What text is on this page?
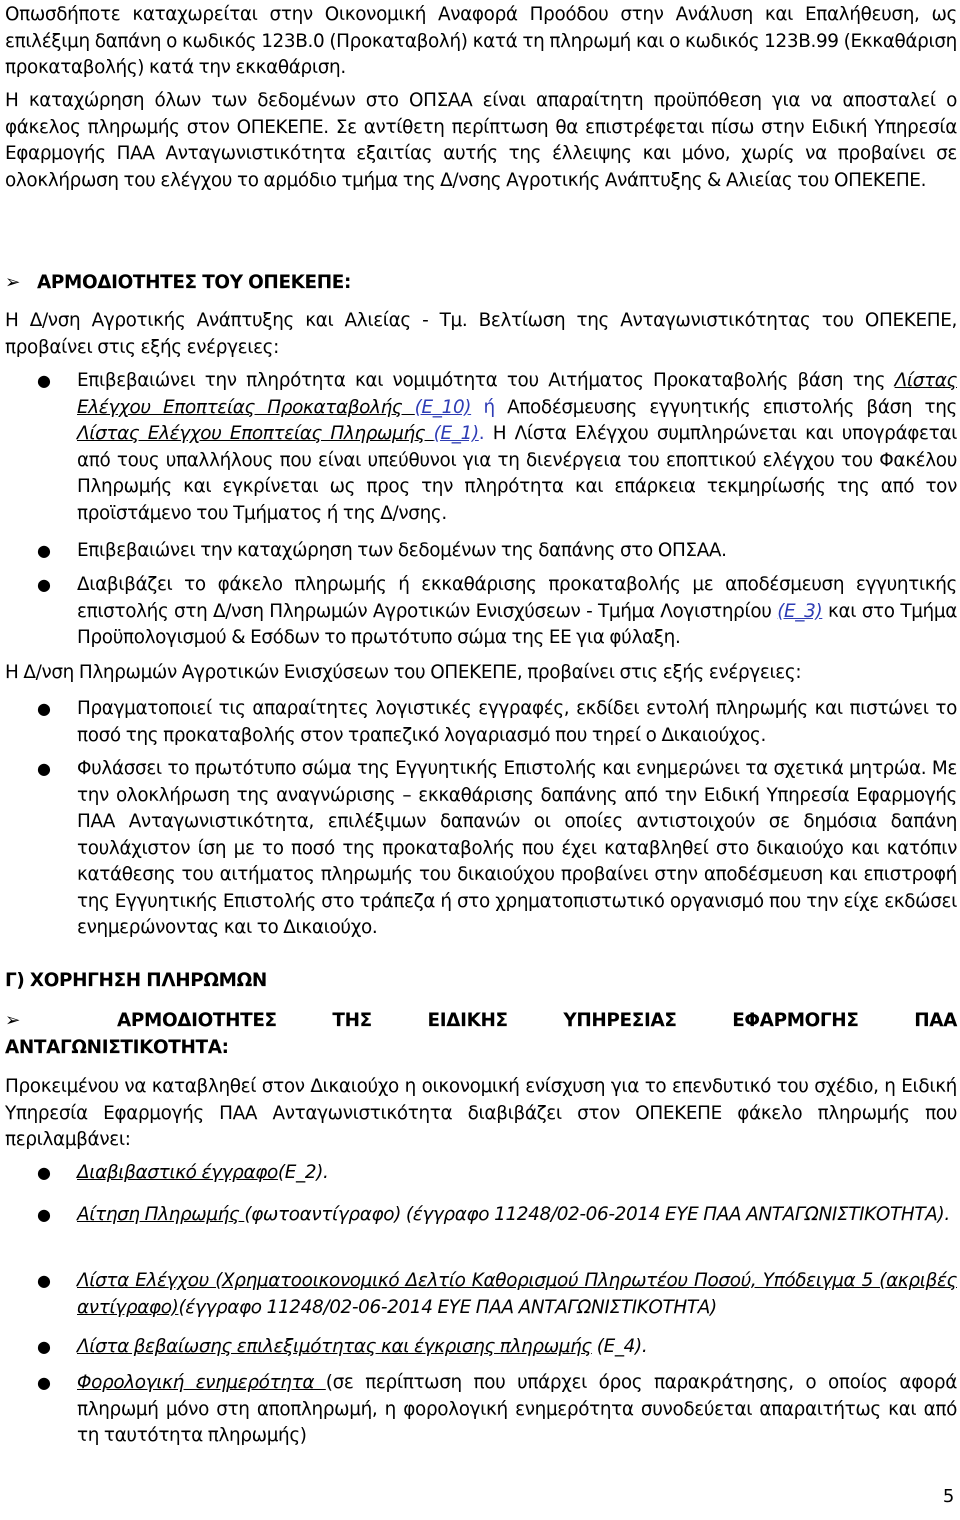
Οπωσδήποτε καταχωρείται στην Οικονομική Αναφορά Προόδου στην Ανάλυση και Επαλήθευση, ως επιλέξιμη δαπάνη ο κωδικός 123Β.0 (Προκαταβολή) κατά τη πληρωμή και ο κωδικός 123Β.99 (Εκκαθάριση προκαταβολής) κατά την εκκαθάριση.

Η καταχώρηση όλων των δεδομένων στο ΟΠΣΑΑ είναι απαραίτητη προϋπόθεση για να αποσταλεί ο φάκελος πληρωμής στον ΟΠΕΚΕΠΕ. Σε αντίθετη περίπτωση θα επιστρέφεται πίσω στην Ειδική Υπηρεσία Εφαρμογής ΠΑΑ Ανταγωνιστικότητα εξαιτίας αυτής της έλλειψης και μόνο, χωρίς να προβαίνει σε ολοκλήρωση του ελέγχου το αρμόδιο τμήμα της Δ/νσης Αγροτικής Ανάπτυξης & Αλιείας του ΟΠΕΚΕΠΕ.

➢ ΑΡΜΟΔΙΟΤΗΤΕΣ ΤΟΥ ΟΠΕΚΕΠΕ:

Η Δ/νση Αγροτικής Ανάπτυξης και Αλιείας - Τμ. Βελτίωση της Ανταγωνιστικότητας του ΟΠΕΚΕΠΕ, προβαίνει στις εξής ενέργειες:

● Επιβεβαιώνει την πληρότητα και νομιμότητα του Αιτήματος Προκαταβολής βάση της Λίστας Ελέγχου Εποπτείας Προκαταβολής (Ε_10) ή Αποδέσμευσης εγγυητικής επιστολής βάση της Λίστας Ελέγχου Εποπτείας Πληρωμής (Ε_1). Η Λίστα Ελέγχου συμπληρώνεται και υπογράφεται από τους υπαλλήλους που είναι υπεύθυνοι για τη διενέργεια του εποπτικού ελέγχου του Φακέλου Πληρωμής και εγκρίνεται ως προς την πληρότητα και επάρκεια τεκμηρίωσής της από τον προϊστάμενο του Τμήματος ή της Δ/νσης.
● Επιβεβαιώνει την καταχώρηση των δεδομένων της δαπάνης στο ΟΠΣΑΑ.
● Διαβιβάζει το φάκελο πληρωμής ή εκκαθάρισης προκαταβολής με αποδέσμευση εγγυητικής επιστολής στη Δ/νση Πληρωμών Αγροτικών Ενισχύσεων - Τμήμα Λογιστηρίου (Ε_3) και στο Τμήμα Προϋπολογισμού & Εσόδων το πρωτότυπο σώμα της ΕΕ για φύλαξη.

Η Δ/νση Πληρωμών Αγροτικών Ενισχύσεων του ΟΠΕΚΕΠΕ, προβαίνει στις εξής ενέργειες:

● Πραγματοποιεί τις απαραίτητες λογιστικές εγγραφές, εκδίδει εντολή πληρωμής και πιστώνει το ποσό της προκαταβολής στον τραπεζικό λογαριασμό που τηρεί ο Δικαιούχος.
● Φυλάσσει το πρωτότυπο σώμα της Εγγυητικής Επιστολής και ενημερώνει τα σχετικά μητρώα. Με την ολοκλήρωση της αναγνώρισης – εκκαθάρισης δαπάνης από την Ειδική Υπηρεσία Εφαρμογής ΠΑΑ Ανταγωνιστικότητα, επιλέξιμων δαπανών οι οποίες αντιστοιχούν σε δημόσια δαπάνη τουλάχιστον ίση με το ποσό της προκαταβολής που έχει καταβληθεί στο δικαιούχο και κατόπιν κατάθεσης του αιτήματος πληρωμής του δικαιούχου προβαίνει στην αποδέσμευση και επιστροφή της Εγγυητικής Επιστολής στο τράπεζα ή στο χρηματοπιστωτικό οργανισμό που την είχε εκδώσει ενημερώνοντας και το Δικαιούχο.
Γ) ΧΟΡΗΓΗΣΗ ΠΛΗΡΩΜΩΝ
➢	ΑΡΜΟΔΙΟΤΗΤΕΣ ΤΗΣ ΕΙΔΙΚΗΣ ΥΠΗΡΕΣΙΑΣ ΕΦΑΡΜΟΓΗΣ ΠΑΑ ΑΝΤΑΓΩΝΙΣΤΙΚΟΤΗΤΑ:

Προκειμένου να καταβληθεί στον Δικαιούχο η οικονομική ενίσχυση για το επενδυτικό του σχέδιο, η Ειδική Υπηρεσία Εφαρμογής ΠΑΑ Ανταγωνιστικότητα διαβιβάζει στον ΟΠΕΚΕΠΕ φάκελο πληρωμής που περιλαμβάνει:

● Διαβιβαστικό έγγραφο(Ε_2).
● Αίτηση Πληρωμής (φωτοαντίγραφο) (έγγραφο 11248/02-06-2014 ΕΥΕ ΠΑΑ ΑΝΤΑΓΩΝΙΣΤΙΚΟΤΗΤΑ).
● Λίστα Ελέγχου (Χρηματοοικονομικό Δελτίο Καθορισμού Πληρωτέου Ποσού, Υπόδειγμα 5 (ακριβές αντίγραφο)(έγγραφο 11248/02-06-2014 ΕΥΕ ΠΑΑ ΑΝΤΑΓΩΝΙΣΤΙΚΟΤΗΤΑ)
● Λίστα βεβαίωσης επιλεξιμότητας και έγκρισης πληρωμής (Ε_4).
● Φορολογική ενημερότητα (σε περίπτωση που υπάρχει όρος παρακράτησης, ο οποίος αφορά πληρωμή μόνο στη αποπληρωμή, η φορολογική ενημερότητα συνοδεύεται απαραιτήτως και από τη ταυτότητα πληρωμής)
5
